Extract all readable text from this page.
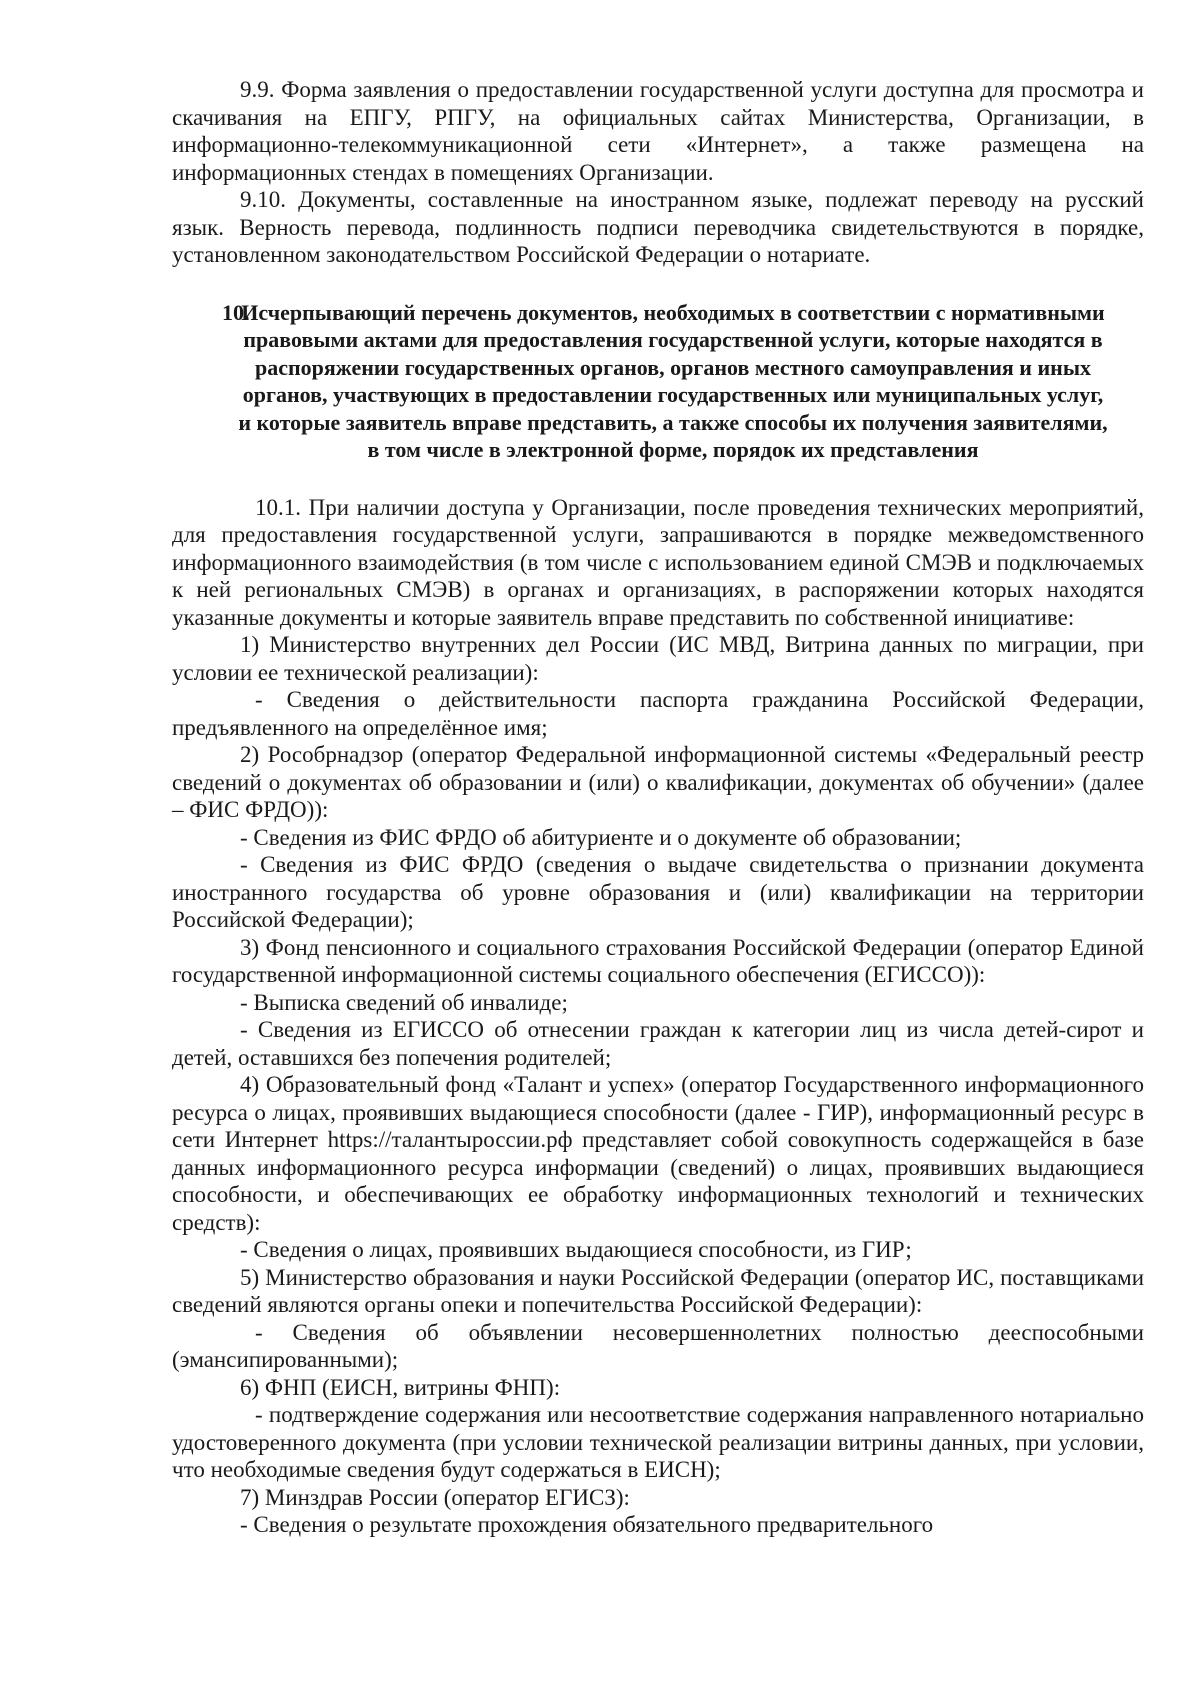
9.9. Форма заявления о предоставлении государственной услуги доступна для просмотра и скачивания на ЕПГУ, РПГУ, на официальных сайтах Министерства, Организации, в информационно-телекоммуникационной сети «Интернет», а также размещена на информационных стендах в помещениях Организации.

9.10. Документы, составленные на иностранном языке, подлежат переводу на русский язык. Верность перевода, подлинность подписи переводчика свидетельствуются в порядке, установленном законодательством Российской Федерации о нотариате.

10.
Исчерпывающий перечень документов, необходимых в соответствии с нормативными правовыми актами для предоставления государственной услуги, которые находятся в распоряжении государственных органов, органов местного самоуправления и иных органов, участвующих в предоставлении государственных или муниципальных услуг, и которые заявитель вправе представить, а также способы их получения заявителями, в том числе в электронной форме, порядок их представления

10.1. При наличии доступа у Организации, после проведения технических мероприятий, для предоставления государственной услуги, запрашиваются в порядке межведомственного информационного взаимодействия (в том числе с использованием единой СМЭВ и подключаемых к ней региональных СМЭВ) в органах и организациях, в распоряжении которых находятся указанные документы и которые заявитель вправе представить по собственной инициативе:

1) Министерство внутренних дел России (ИС МВД, Витрина данных по миграции, при условии ее технической реализации):

- Сведения о действительности паспорта гражданина Российской Федерации, предъявленного на определённое имя;

2) Рособрнадзор (оператор Федеральной информационной системы «Федеральный реестр сведений о документах об образовании и (или) о квалификации, документах об обучении» (далее – ФИС ФРДО)):

- Сведения из ФИС ФРДО об абитуриенте и о документе об образовании;

- Сведения из ФИС ФРДО (сведения о выдаче свидетельства о признании документа иностранного государства об уровне образования и (или) квалификации на территории Российской Федерации);

3) Фонд пенсионного и социального страхования Российской Федерации (оператор Единой государственной информационной системы социального обеспечения (ЕГИССО)):

- Выписка сведений об инвалиде;

- Сведения из ЕГИССО об отнесении граждан к категории лиц из числа детей-сирот и детей, оставшихся без попечения родителей;

4) Образовательный фонд «Талант и успех» (оператор Государственного информационного ресурса о лицах, проявивших выдающиеся способности (далее - ГИР), информационный ресурс в сети Интернет https://талантыроссии.рф представляет собой совокупность содержащейся в базе данных информационного ресурса информации (сведений) о лицах, проявивших выдающиеся способности, и обеспечивающих ее обработку информационных технологий и технических средств):

- Сведения о лицах, проявивших выдающиеся способности, из ГИР;

5) Министерство образования и науки Российской Федерации (оператор ИС, поставщиками сведений являются органы опеки и попечительства Российской Федерации):

- Сведения об объявлении несовершеннолетних полностью дееспособными (эмансипированными);

6) ФНП (ЕИСН, витрины ФНП):

- подтверждение содержания или несоответствие содержания направленного нотариально удостоверенного документа (при условии технической реализации витрины данных, при условии, что необходимые сведения будут содержаться в ЕИСН);

7) Минздрав России (оператор ЕГИСЗ):

- Сведения о результате прохождения обязательного предварительного
